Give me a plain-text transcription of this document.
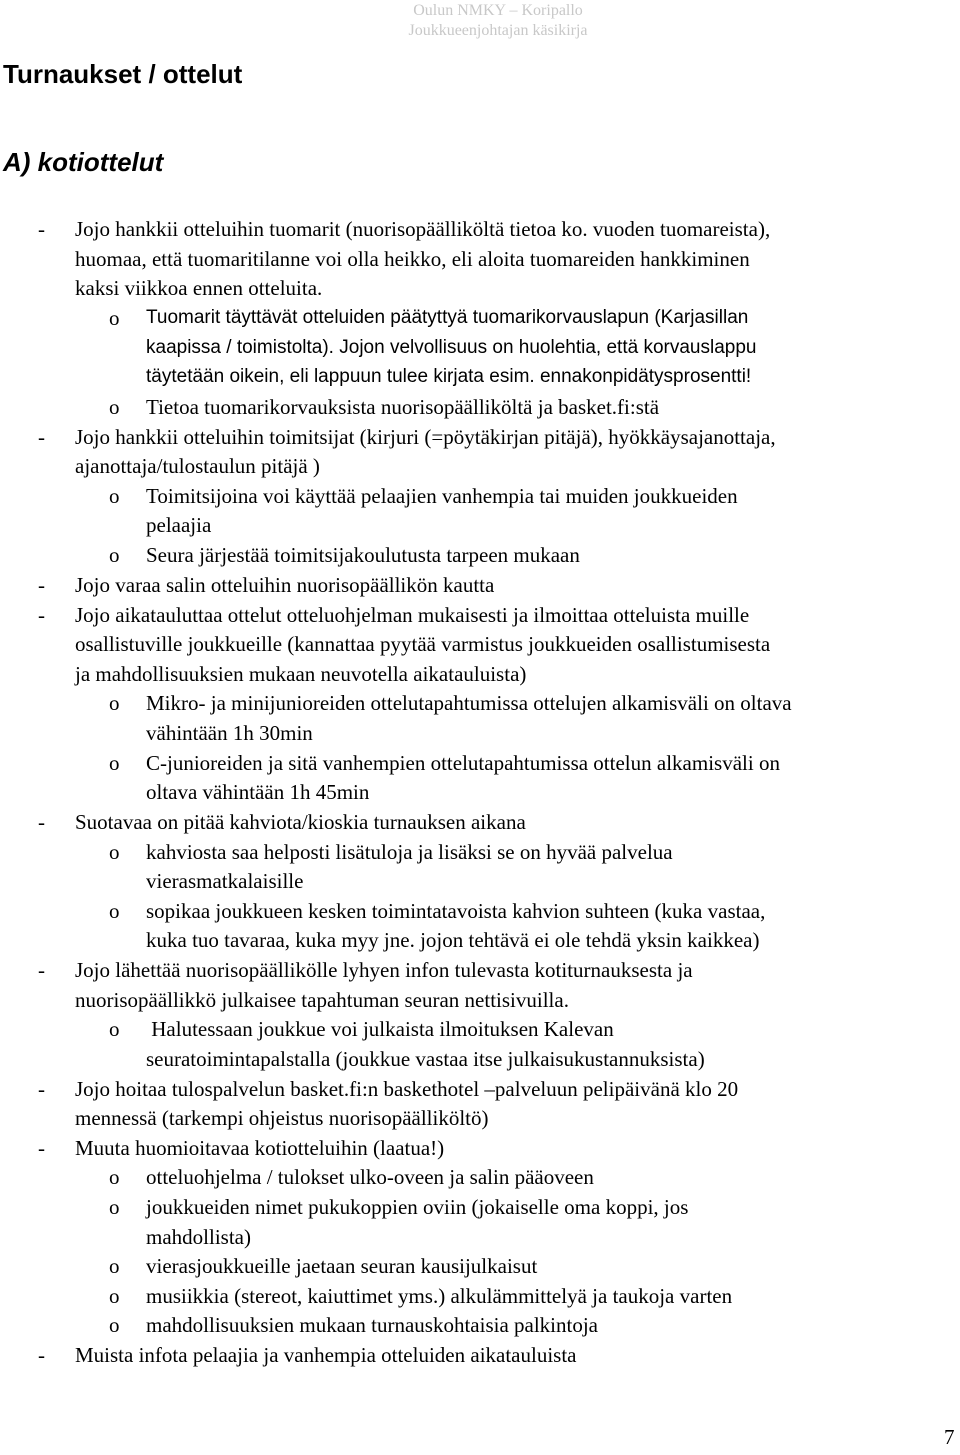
Oulun NMKY – Koripallo
Joukkueenjohtajan käsikirja
Turnaukset / ottelut
A) kotiottelut
- Jojo hankkii otteluihin tuomarit (nuorisopäälliköltä tietoa ko. vuoden tuomareista),
huomaa, että tuomaritilanne voi olla heikko, eli aloita tuomareiden hankkiminen
kaksi viikkoa ennen otteluita.
o Tuomarit täyttävät otteluiden päätyttyä tuomarikorvauslapun (Karjasillan
kaapissa / toimistolta). Jojon velvollisuus on huolehtia, että korvauslappu
täytetään oikein, eli lappuun tulee kirjata esim. ennakonpidätysprosentti!
o Tietoa tuomarikorvauksista nuorisopäälliköltä ja basket.fi:stä
- Jojo hankkii otteluihin toimitsijat (kirjuri (=pöytäkirjan pitäjä), hyökkäysajanottaja,
ajanottaja/tulostaulun pitäjä )
o Toimitsijoina voi käyttää pelaajien vanhempia tai muiden joukkueiden
pelaajia
o Seura järjestää toimitsijakoulutusta tarpeen mukaan
- Jojo varaa salin otteluihin nuorisopäällikön kautta
- Jojo aikatauluttaa ottelut otteluohjelman mukaisesti ja ilmoittaa otteluista muille
osallistuville joukkueille (kannattaa pyytää varmistus joukkueiden osallistumisesta
ja mahdollisuuksien mukaan neuvotella aikatauluista)
o Mikro- ja minijunioreiden ottelutapahtumissa ottelujen alkamisväli on oltava
vähintään 1h 30min
o C-junioreiden ja sitä vanhempien ottelutapahtumissa ottelun alkamisväli on
oltava vähintään 1h 45min
- Suotavaa on pitää kahviota/kioskia turnauksen aikana
o kahviosta saa helposti lisätuloja ja lisäksi se on hyvää palvelua
vierasmatkalaisille
o sopikaa joukkueen kesken toimintatavoista kahvion suhteen (kuka vastaa,
kuka tuo tavaraa, kuka myy jne. jojon tehtävä ei ole tehdä yksin kaikkea)
- Jojo lähettää nuorisopäällikölle lyhyen infon tulevasta kotiturnauksesta ja
nuorisopäällikkö julkaisee tapahtuman seuran nettisivuilla.
o Halutessaan joukkue voi julkaista ilmoituksen Kalevan
seuratoimintapalstalla (joukkue vastaa itse julkaisukustannuksista)
- Jojo hoitaa tulospalvelun basket.fi:n baskethotel –palveluun pelipäivänä klo 20
mennessä (tarkempi ohjeistus nuorisopäälliköltö)
- Muuta huomioitavaa kotiotteluihin (laatua!)
o otteluohjelma / tulokset ulko-oveen ja salin pääoveen
o joukkueiden nimet pukukoppien oviin (jokaiselle oma koppi, jos
mahdollista)
o vierasjoukkueille jaetaan seuran kausijulkaisut
o musiikkia (stereot, kaiuttimet yms.) alkulämmittelyä ja taukoja varten
o mahdollisuuksien mukaan turnauskohtaisia palkintoja
- Muista infota pelaajia ja vanhempia otteluiden aikatauluista
7
